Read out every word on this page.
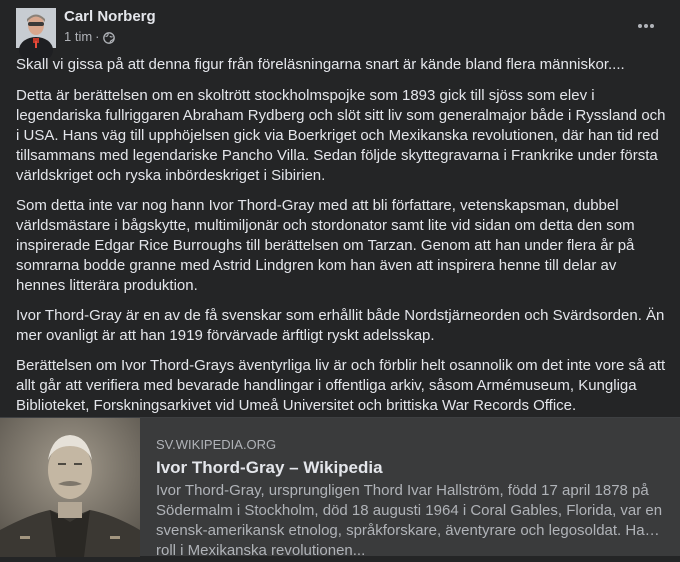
Carl Norberg
1 tim ·

Skall vi gissa på att denna figur från föreläsningarna snart är kände bland flera människor....

Detta är berättelsen om en skoltrött stockholmspojke som 1893 gick till sjöss som elev i legendariska fullriggaren Abraham Rydberg och slöt sitt liv som generalmajor både i Ryssland och i USA. Hans väg till upphöjelsen gick via Boerkriget och Mexikanska revolutionen, där han tid red tillsammans med legendariske Pancho Villa. Sedan följde skyttegravarna i Frankrike under första världskriget och ryska inbördeskriget i Sibirien.

Som detta inte var nog hann Ivor Thord-Gray med att bli författare, vetenskapsman, dubbel världsmästare i bågskytte, multimiljonär och stordonator samt lite vid sidan om detta den som inspirerade Edgar Rice Burroughs till berättelsen om Tarzan. Genom att han under flera år på somrarna bodde granne med Astrid Lindgren kom han även att inspirera henne till delar av hennes litterära produktion.

Ivor Thord-Gray är en av de få svenskar som erhållit både Nordstjärneorden och Svärdsorden. Än mer ovanligt är att han 1919 förvärvade ärftligt ryskt adelsskap.

Berättelsen om Ivor Thord-Grays äventyrliga liv är och förblir helt osannolik om det inte vore så att allt går att verifiera med bevarade handlingar i offentliga arkiv, såsom Armémuseum, Kungliga Biblioteket, Forskningsarkivet vid Umeå Universitet och brittiska War Records Office.

SV.WIKIPEDIA.ORG
Ivor Thord-Gray – Wikipedia
Ivor Thord-Gray, ursprungligen Thord Ivar Hallström, född 17 april 1878 på Södermalm i Stockholm, död 18 augusti 1964 i Coral Gables, Florida, var en svensk-amerikansk etnolog, språkforskare, äventyrare och legosoldat. Hans roll i Mexikanska revolutionen...
